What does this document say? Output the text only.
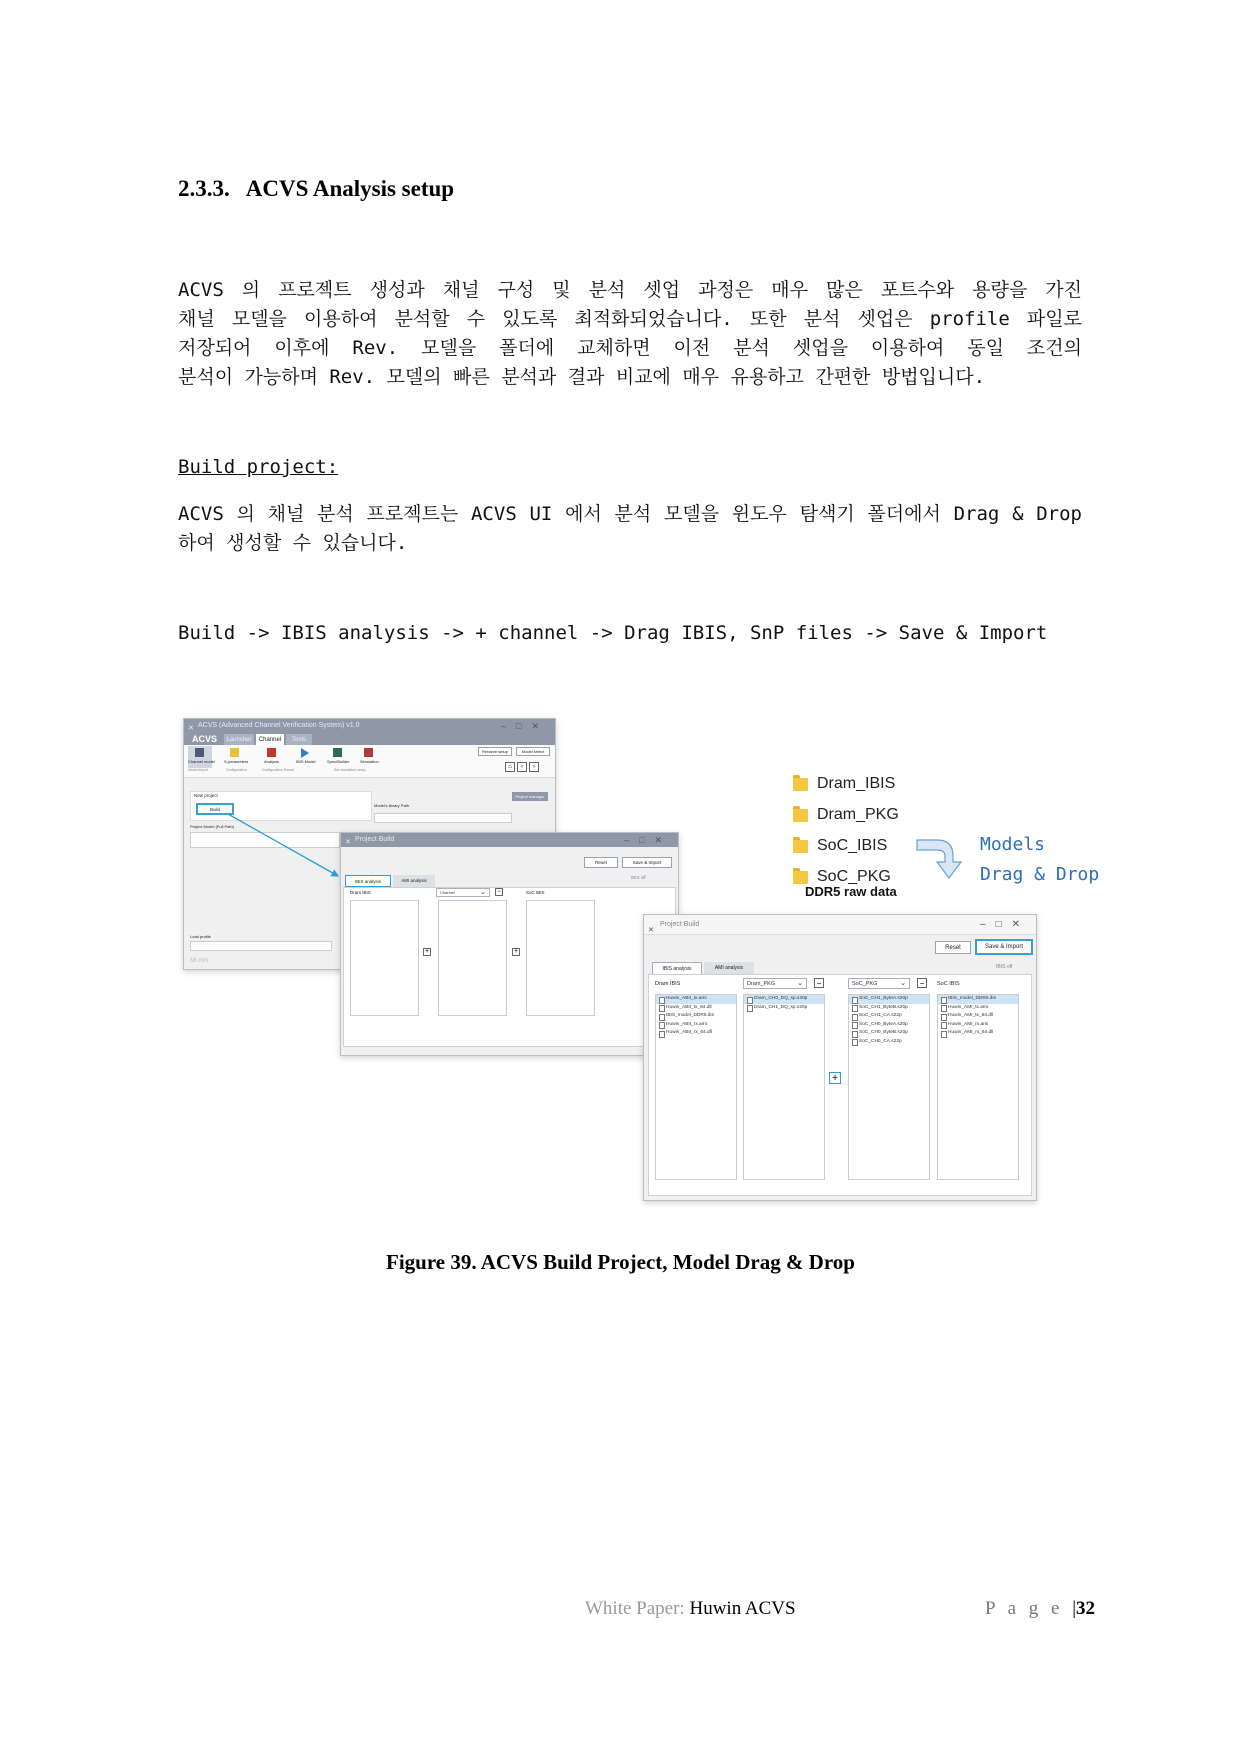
2.3.3. ACVS Analysis setup
ACVS 의 프로젝트 생성과 채널 구성 및 분석 셋업 과정은 매우 많은 포트수와 용량을 가진
채널 모델을 이용하여 분석할 수 있도록 최적화되었습니다. 또한 분석 셋업은 profile 파일로
저장되어 이후에 Rev. 모델을 폴더에 교체하면 이전 분석 셋업을 이용하여 동일 조건의
분석이 가능하며 Rev. 모델의 빠른 분석과 결과 비교에 매우 유용하고 간편한 방법입니다.
Build project:
ACVS 의 채널 분석 프로젝트는 ACVS UI 에서 분석 모델을 윈도우 탐색기 폴더에서 Drag & Drop
하여 생성할 수 있습니다.
Build -> IBIS analysis -> + channel -> Drag IBIS, SnP files -> Save & Import
✕ ACVS (Advanced Channel Verification System) v1.0	–□✕
ACVS	Launcher	Channel	Tools
Channel model S-parameters	Analysis	IBIS Model	Spec/Builder	Simulation
Model import	Configuration	Configuration Result	Set simulation setup
Rename setup	Model select
⌂	‹	›
Project manager
New project
Build
Model's library Path
Project Model (Full Path)
Load profile
Mr.nVx
✕ Project Build	–□✕
Reset	Save & Import
IBIS analysis	AMI analysis
IBIS off
Dram IBIS	Channel	⌄	−	SoC IBIS
+	+
Dram_IBIS
Dram_PKG
SoC_IBIS
SoC_PKG
DDR5 raw data
Models
Drag & Drop
✕
Project Build	–□✕
Reset	Save & Import
IBIS analysis	AMI analysis	IBIS off
Dram IBIS	Dram_PKG	⌄	−	SoC_PKG	⌄	−	SoC IBIS
Huwin_ABII_tx.ami
Huwin_ABII_tx_64.dll
IBIS_model_DDR5.ibs
Huwin_ABII_rx.ami
Huwin_ABII_rx_64.dll
Dram_CH0_DQ_sp.s20p
Dram_CH1_DQ_sp.s20p
+
SoC_CH1_ByteA.s20p
SoC_CH1_ByteB.s20p
SoC_CH1_CA.s22p
SoC_CH0_ByteA.s20p
SoC_CH0_ByteB.s20p
SoC_CH0_CA.s22p
IBIS_model_DDR5.ibs
Huwin_AMI_tx.ami
Huwin_AMI_tx_64.dll
Huwin_AMI_rx.ami
Huwin_AMI_rx_64.dll
Figure 39. ACVS Build Project, Model Drag & Drop
White Paper: Huwin ACVS	P a g e |32
